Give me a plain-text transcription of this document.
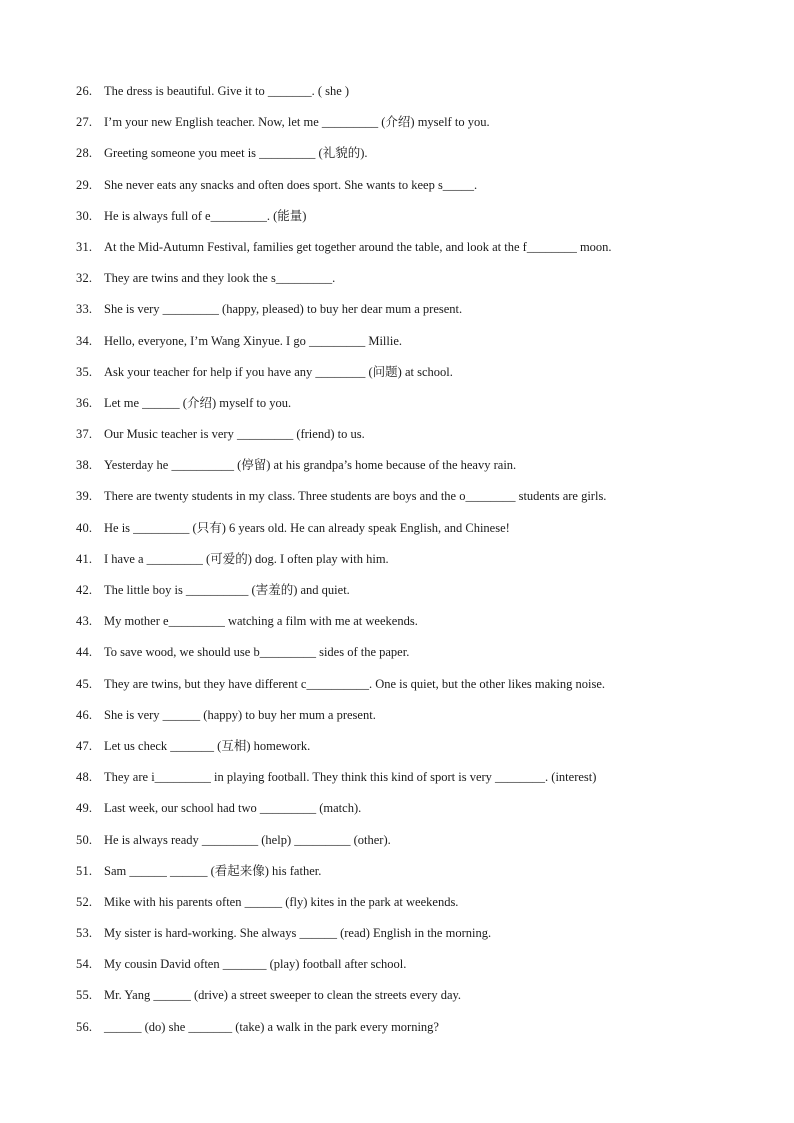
26. The dress is beautiful. Give it to _______. ( she )
27. I’m your new English teacher. Now, let me _________ (介绍) myself to you.
28. Greeting someone you meet is _________ (礼貌的).
29. She never eats any snacks and often does sport. She wants to keep s_____.
30. He is always full of e_________. (能量)
31. At the Mid-Autumn Festival, families get together around the table, and look at the f________ moon.
32. They are twins and they look the s_________.
33. She is very _________ (happy, pleased) to buy her dear mum a present.
34. Hello, everyone, I’m Wang Xinyue. I go _________ Millie.
35. Ask your teacher for help if you have any ________ (问题) at school.
36. Let me ______ (介绍) myself to you.
37. Our Music teacher is very _________ (friend) to us.
38. Yesterday he __________ (停留) at his grandpa’s home because of the heavy rain.
39. There are twenty students in my class. Three students are boys and the o________ students are girls.
40. He is _________ (只有) 6 years old. He can already speak English, and Chinese!
41. I have a _________ (可爱的) dog. I often play with him.
42. The little boy is __________ (害羞的) and quiet.
43. My mother e_________ watching a film with me at weekends.
44. To save wood, we should use b_________ sides of the paper.
45. They are twins, but they have different c__________. One is quiet, but the other likes making noise.
46. She is very ______ (happy) to buy her mum a present.
47. Let us check _______ (互相) homework.
48. They are i_________ in playing football. They think this kind of sport is very ________. (interest)
49. Last week, our school had two _________ (match).
50. He is always ready _________ (help) _________ (other).
51. Sam ______ ______ (看起来像) his father.
52. Mike with his parents often ______ (fly) kites in the park at weekends.
53. My sister is hard-working. She always ______ (read) English in the morning.
54. My cousin David often _______ (play) football after school.
55. Mr. Yang ______ (drive) a street sweeper to clean the streets every day.
56. ______ (do) she _______ (take) a walk in the park every morning?
